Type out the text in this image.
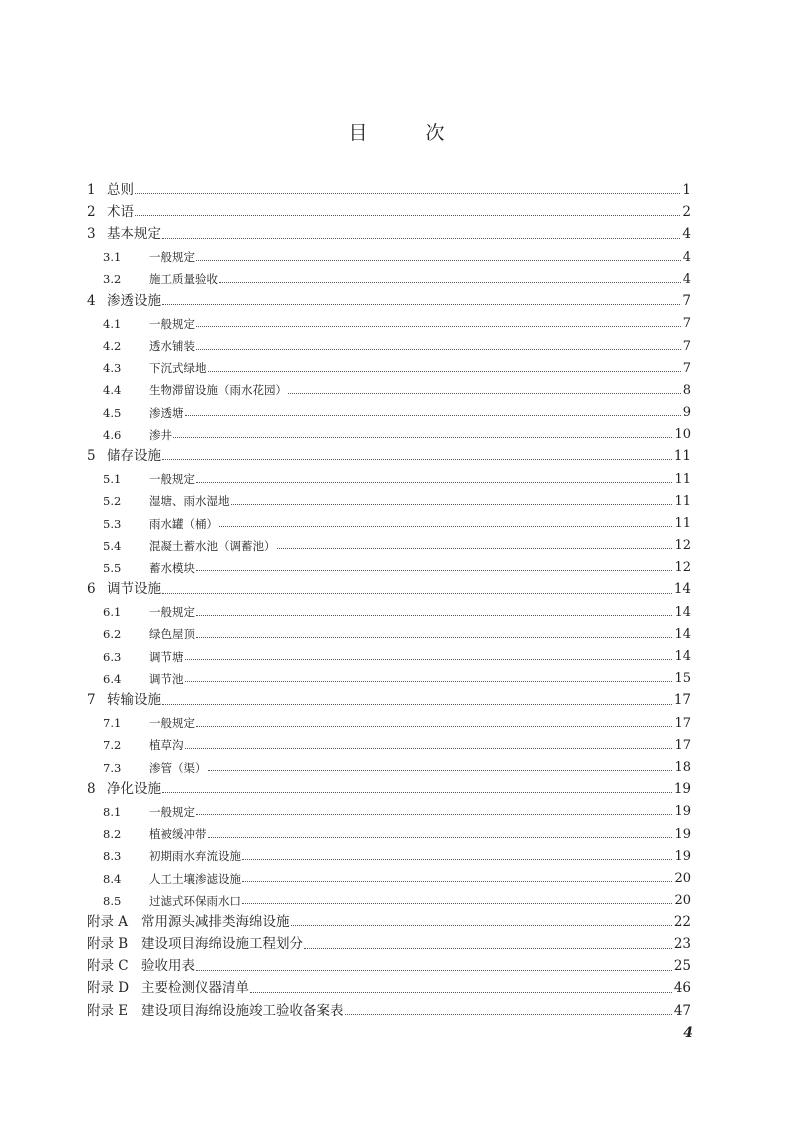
目 次
1 总则	1
2 术语	2
3 基本规定	4
3.1	一般规定	4
3.2	施工质量验收	4
4 渗透设施	7
4.1	一般规定	7
4.2	透水铺装	7
4.3	下沉式绿地	7
4.4	生物滞留设施（雨水花园）	8
4.5	渗透塘	9
4.6	渗井	10
5 储存设施	11
5.1	一般规定	11
5.2	湿塘、雨水湿地	11
5.3	雨水罐（桶）	11
5.4	混凝土蓄水池（调蓄池）	12
5.5	蓄水模块	12
6 调节设施	14
6.1	一般规定	14
6.2	绿色屋顶	14
6.3	调节塘	14
6.4	调节池	15
7 转输设施	17
7.1	一般规定	17
7.2	植草沟	17
7.3	渗管（渠）	18
8 净化设施	19
8.1	一般规定	19
8.2	植被缓冲带	19
8.3	初期雨水弃流设施	19
8.4	人工土壤渗滤设施	20
8.5	过滤式环保雨水口	20
附录 A 常用源头减排类海绵设施	22
附录 B 建设项目海绵设施工程划分	23
附录 C 验收用表	25
附录 D 主要检测仪器清单	46
附录 E 建设项目海绵设施竣工验收备案表	47
4
